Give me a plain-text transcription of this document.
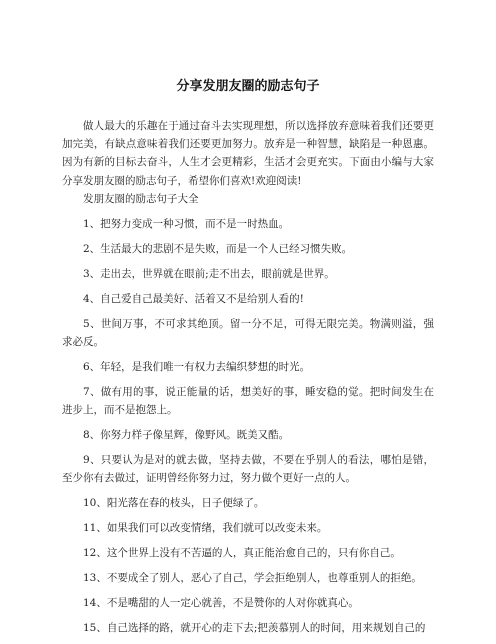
分享发朋友圈的励志句子

做人最大的乐趣在于通过奋斗去实现理想，所以选择放弃意味着我们还要更加完美，有缺点意味着我们还要更加努力。放弃是一种智慧，缺陷是一种恩惠。因为有新的目标去奋斗，人生才会更精彩，生活才会更充实。下面由小编与大家分享发朋友圈的励志句子，希望你们喜欢!欢迎阅读!

发朋友圈的励志句子大全

1、把努力变成一种习惯，而不是一时热血。

2、生活最大的悲剧不是失败，而是一个人已经习惯失败。

3、走出去，世界就在眼前;走不出去，眼前就是世界。

4、自己爱自己最美好、活着又不是给别人看的!

5、世间万事，不可求其绝顶。留一分不足，可得无限完美。物满则溢，强求必反。

6、年轻，是我们唯一有权力去编织梦想的时光。

7、做有用的事，说正能量的话，想美好的事，睡安稳的觉。把时间发生在进步上，而不是抱怨上。

8、你努力样子像星辉，像野风。既美又酷。

9、只要认为是对的就去做，坚持去做，不要在乎别人的看法，哪怕是错，至少你有去做过，证明曾经你努力过，努力做个更好一点的人。

10、阳光落在春的枝头，日子便绿了。

11、如果我们可以改变情绪，我们就可以改变未来。

12、这个世界上没有不苦逼的人，真正能治愈自己的，只有你自己。

13、不要成全了别人，恶心了自己，学会拒绝别人，也尊重别人的拒绝。

14、不是嘴甜的人一定心就善，不是赞你的人对你就真心。

15、自己选择的路，就开心的走下去;把羡慕别人的时间，用来规划自己的
